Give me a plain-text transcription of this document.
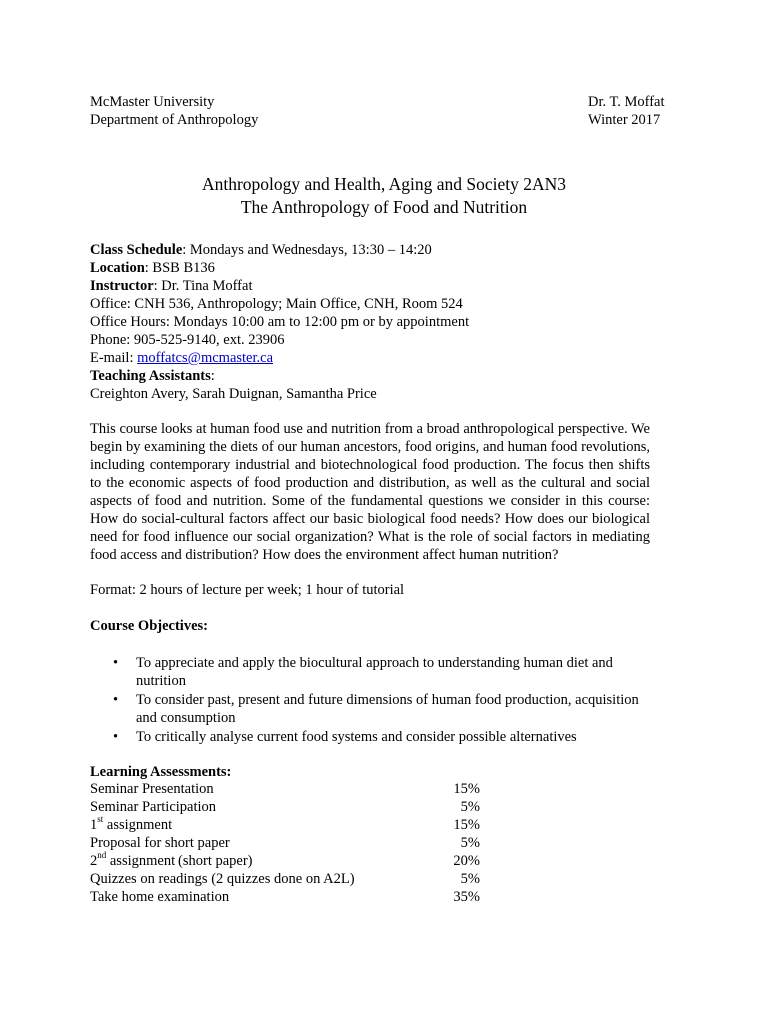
McMaster University
Department of Anthropology
Dr. T. Moffat
Winter 2017
Anthropology and Health, Aging and Society 2AN3
The Anthropology of Food and Nutrition
Class Schedule: Mondays and Wednesdays, 13:30 – 14:20
Location: BSB B136
Instructor: Dr. Tina Moffat
Office: CNH 536, Anthropology; Main Office, CNH, Room 524
Office Hours: Mondays 10:00 am to 12:00 pm or by appointment
Phone: 905-525-9140, ext. 23906
E-mail: moffatcs@mcmaster.ca
Teaching Assistants:
Creighton Avery, Sarah Duignan, Samantha Price
This course looks at human food use and nutrition from a broad anthropological perspective. We begin by examining the diets of our human ancestors, food origins, and human food revolutions, including contemporary industrial and biotechnological food production. The focus then shifts to the economic aspects of food production and distribution, as well as the cultural and social aspects of food and nutrition. Some of the fundamental questions we consider in this course: How do social-cultural factors affect our basic biological food needs? How does our biological need for food influence our social organization? What is the role of social factors in mediating food access and distribution? How does the environment affect human nutrition?
Format: 2 hours of lecture per week; 1 hour of tutorial
Course Objectives:
• To appreciate and apply the biocultural approach to understanding human diet and nutrition
• To consider past, present and future dimensions of human food production, acquisition and consumption
• To critically analyse current food systems and consider possible alternatives
Learning Assessments:
Seminar Presentation	15%
Seminar Participation	5%
1st assignment	15%
Proposal for short paper	5%
2nd assignment (short paper)	20%
Quizzes on readings (2 quizzes done on A2L)	5%
Take home examination	35%
